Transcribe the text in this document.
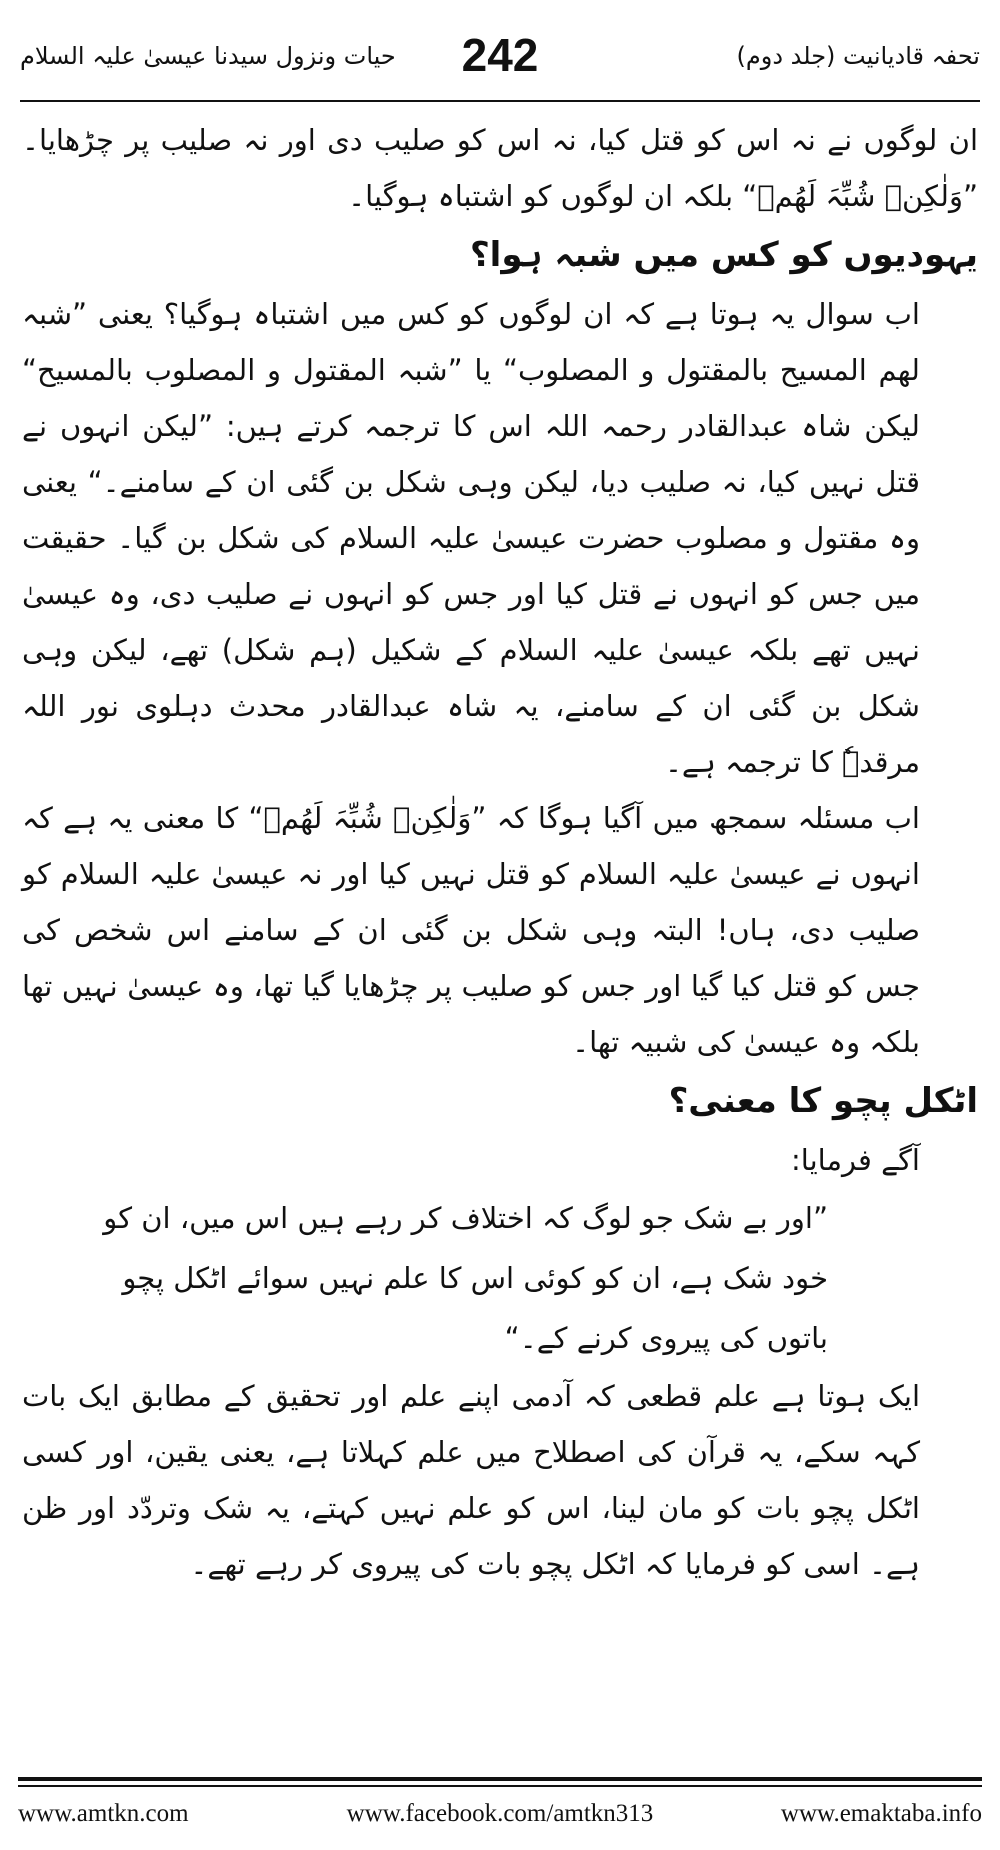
تحفہ قادیانیت (جلد دوم)
242
حیات ونزول سیدنا عیسیٰ علیہ السلام

ان لوگوں نے نہ اس کو قتل کیا، نہ اس کو صلیب دی اور نہ صلیب پر چڑھایا۔ ”وَلٰکِنۡ شُبِّہَ لَھُمۡ“ بلکہ ان لوگوں کو اشتباہ ہوگیا۔

یہودیوں کو کس میں شبہ ہوا؟

اب سوال یہ ہوتا ہے کہ ان لوگوں کو کس میں اشتباہ ہوگیا؟ یعنی ”شبہ لھم المسیح بالمقتول و المصلوب“ یا ”شبہ المقتول و المصلوب بالمسیح“ لیکن شاہ عبدالقادر رحمہ اللہ اس کا ترجمہ کرتے ہیں: ”لیکن انہوں نے قتل نہیں کیا، نہ صلیب دیا، لیکن وہی شکل بن گئی ان کے سامنے۔“ یعنی وہ مقتول و مصلوب حضرت عیسیٰ علیہ السلام کی شکل بن گیا۔ حقیقت میں جس کو انہوں نے قتل کیا اور جس کو انہوں نے صلیب دی، وہ عیسیٰ نہیں تھے بلکہ عیسیٰ علیہ السلام کے شکیل (ہم شکل) تھے، لیکن وہی شکل بن گئی ان کے سامنے، یہ شاہ عبدالقادر محدث دہلوی نور اللہ مرقدہٗ کا ترجمہ ہے۔

اب مسئلہ سمجھ میں آگیا ہوگا کہ ”وَلٰکِنۡ شُبِّہَ لَھُمۡ“ کا معنی یہ ہے کہ انہوں نے عیسیٰ علیہ السلام کو قتل نہیں کیا اور نہ عیسیٰ علیہ السلام کو صلیب دی، ہاں! البتہ وہی شکل بن گئی ان کے سامنے اس شخص کی جس کو قتل کیا گیا اور جس کو صلیب پر چڑھایا گیا تھا، وہ عیسیٰ نہیں تھا بلکہ وہ عیسیٰ کی شبیہ تھا۔

اٹکل پچو کا معنی؟

آگے فرمایا:

”اور بے شک جو لوگ کہ اختلاف کر رہے ہیں اس میں، ان کو خود شک ہے، ان کو کوئی اس کا علم نہیں سوائے اٹکل پچو باتوں کی پیروی کرنے کے۔“

ایک ہوتا ہے علم قطعی کہ آدمی اپنے علم اور تحقیق کے مطابق ایک بات کہہ سکے، یہ قرآن کی اصطلاح میں علم کہلاتا ہے، یعنی یقین، اور کسی اٹکل پچو بات کو مان لینا، اس کو علم نہیں کہتے، یہ شک وتردّد اور ظن ہے۔ اسی کو فرمایا کہ اٹکل پچو بات کی پیروی کر رہے تھے۔

www.amtkn.com	www.facebook.com/amtkn313	www.emaktaba.info
